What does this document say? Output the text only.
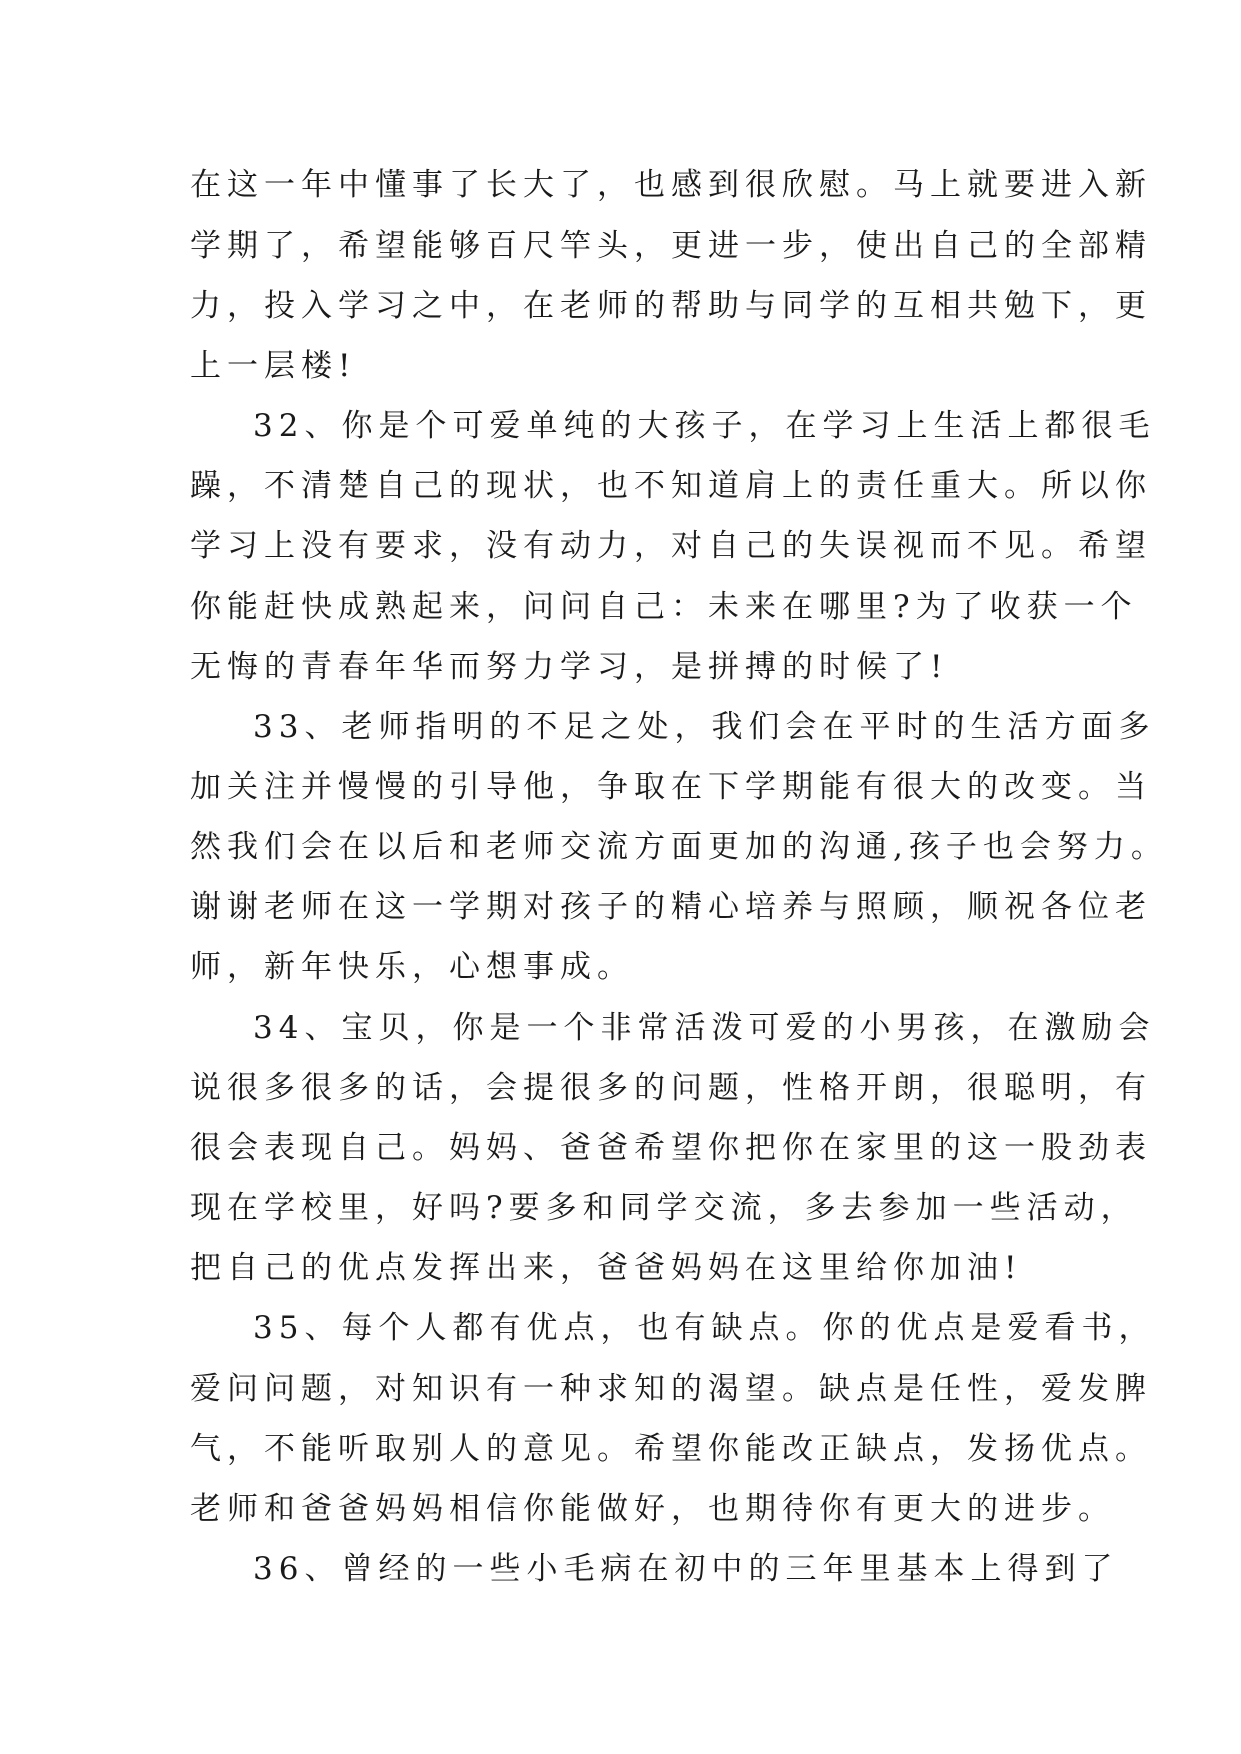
在这一年中懂事了长大了，也感到很欣慰。马上就要进入新
学期了，希望能够百尺竿头，更进一步，使出自己的全部精
力，投入学习之中，在老师的帮助与同学的互相共勉下，更
上一层楼!
32、你是个可爱单纯的大孩子，在学习上生活上都很毛
躁，不清楚自己的现状，也不知道肩上的责任重大。所以你
学习上没有要求，没有动力，对自己的失误视而不见。希望
你能赶快成熟起来，问问自己：未来在哪里?为了收获一个
无悔的青春年华而努力学习，是拼搏的时候了!
33、老师指明的不足之处，我们会在平时的生活方面多
加关注并慢慢的引导他，争取在下学期能有很大的改变。当
然我们会在以后和老师交流方面更加的沟通,孩子也会努力。
谢谢老师在这一学期对孩子的精心培养与照顾，顺祝各位老
师，新年快乐，心想事成。
34、宝贝，你是一个非常活泼可爱的小男孩，在激励会
说很多很多的话，会提很多的问题，性格开朗，很聪明，有
很会表现自己。妈妈、爸爸希望你把你在家里的这一股劲表
现在学校里，好吗?要多和同学交流，多去参加一些活动，
把自己的优点发挥出来，爸爸妈妈在这里给你加油!
35、每个人都有优点，也有缺点。你的优点是爱看书，
爱问问题，对知识有一种求知的渴望。缺点是任性，爱发脾
气，不能听取别人的意见。希望你能改正缺点，发扬优点。
老师和爸爸妈妈相信你能做好，也期待你有更大的进步。
36、曾经的一些小毛病在初中的三年里基本上得到了
